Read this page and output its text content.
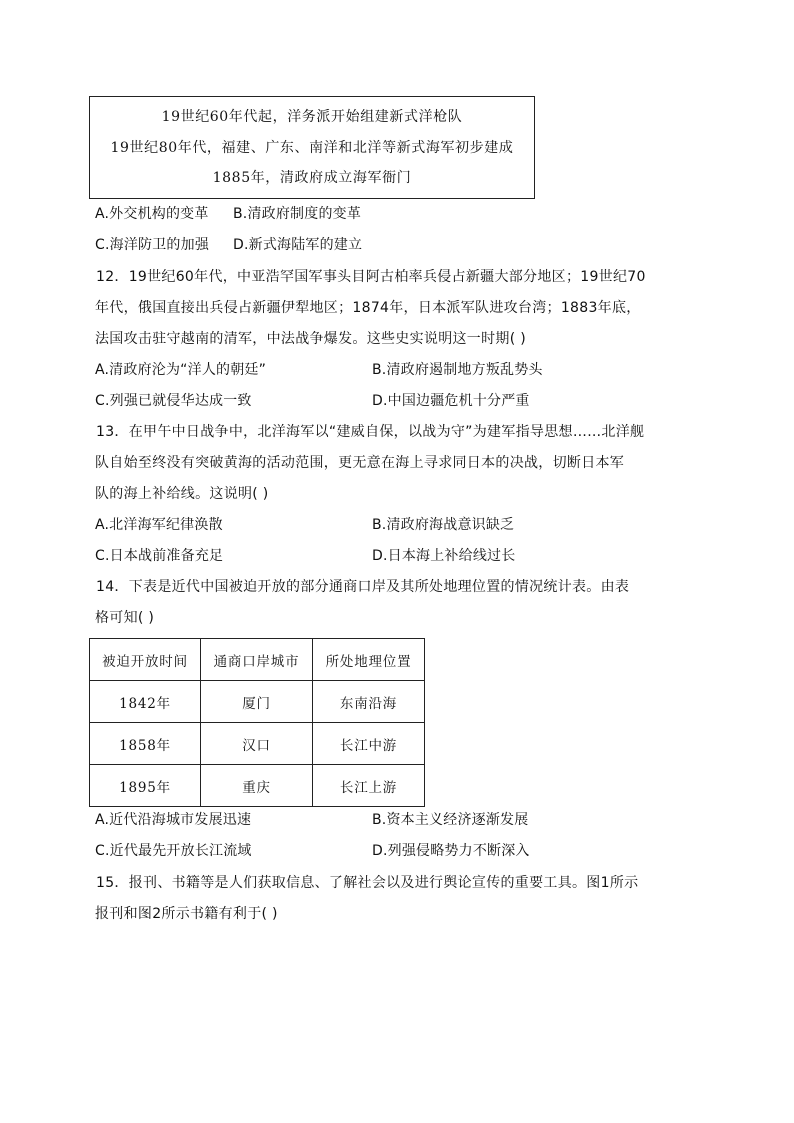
19世纪60年代起，洋务派开始组建新式洋枪队
19世纪80年代，福建、广东、南洋和北洋等新式海军初步建成
1885年，清政府成立海军衙门
A.外交机构的变革 B.清政府制度的变革
C.海洋防卫的加强 D.新式海陆军的建立
12．19世纪60年代，中亚浩罕国军事头目阿古柏率兵侵占新疆大部分地区；19世纪70
年代，俄国直接出兵侵占新疆伊犁地区；1874年，日本派军队进攻台湾；1883年底，
法国攻击驻守越南的清军，中法战争爆发。这些史实说明这一时期( )
A.清政府沦为“洋人的朝廷”	B.清政府遏制地方叛乱势头
C.列强已就侵华达成一致	D.中国边疆危机十分严重
13．在甲午中日战争中，北洋海军以“建威自保，以战为守”为建军指导思想……北洋舰
队自始至终没有突破黄海的活动范围，更无意在海上寻求同日本的决战，切断日本军
队的海上补给线。这说明( )
A.北洋海军纪律涣散	B.清政府海战意识缺乏
C.日本战前准备充足	D.日本海上补给线过长
14．下表是近代中国被迫开放的部分通商口岸及其所处地理位置的情况统计表。由表
格可知( )
被迫开放时间	通商口岸城市	所处地理位置
1842年	厦门	东南沿海
1858年	汉口	长江中游
1895年	重庆	长江上游
A.近代沿海城市发展迅速	B.资本主义经济逐渐发展
C.近代最先开放长江流域	D.列强侵略势力不断深入
15．报刊、书籍等是人们获取信息、了解社会以及进行舆论宣传的重要工具。图1所示
报刊和图2所示书籍有利于( )
